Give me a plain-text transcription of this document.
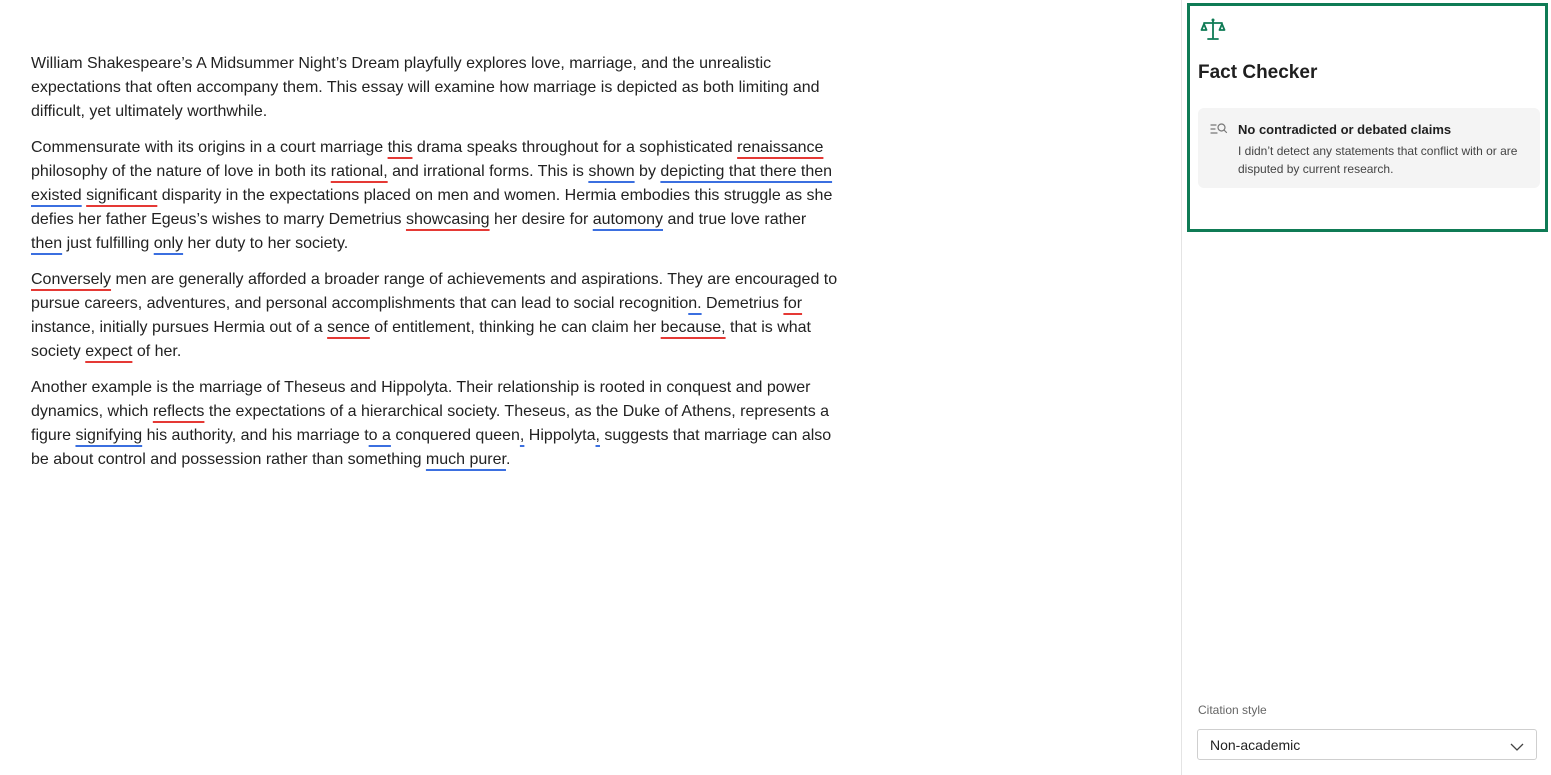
William Shakespeare’s A Midsummer Night’s Dream playfully explores love, marriage, and the unrealistic expectations that often accompany them. This essay will examine how marriage is depicted as both limiting and difficult, yet ultimately worthwhile.

Commensurate with its origins in a court marriage this drama speaks throughout for a sophisticated renaissance philosophy of the nature of love in both its rational, and irrational forms. This is shown by depicting that there then existed significant disparity in the expectations placed on men and women. Hermia embodies this struggle as she defies her father Egeus’s wishes to marry Demetrius showcasing her desire for automony and true love rather then just fulfilling only her duty to her society.

Conversely men are generally afforded a broader range of achievements and aspirations. They are encouraged to pursue careers, adventures, and personal accomplishments that can lead to social recognition. Demetrius for instance, initially pursues Hermia out of a sence of entitlement, thinking he can claim her because, that is what society expect of her.

Another example is the marriage of Theseus and Hippolyta. Their relationship is rooted in conquest and power dynamics, which reflects the expectations of a hierarchical society. Theseus, as the Duke of Athens, represents a figure signifying his authority, and his marriage to a conquered queen, Hippolyta, suggests that marriage can also be about control and possession rather than something much purer.

Fact Checker
No contradicted or debated claims
I didn’t detect any statements that conflict with or are disputed by current research.
Citation style
Non-academic
